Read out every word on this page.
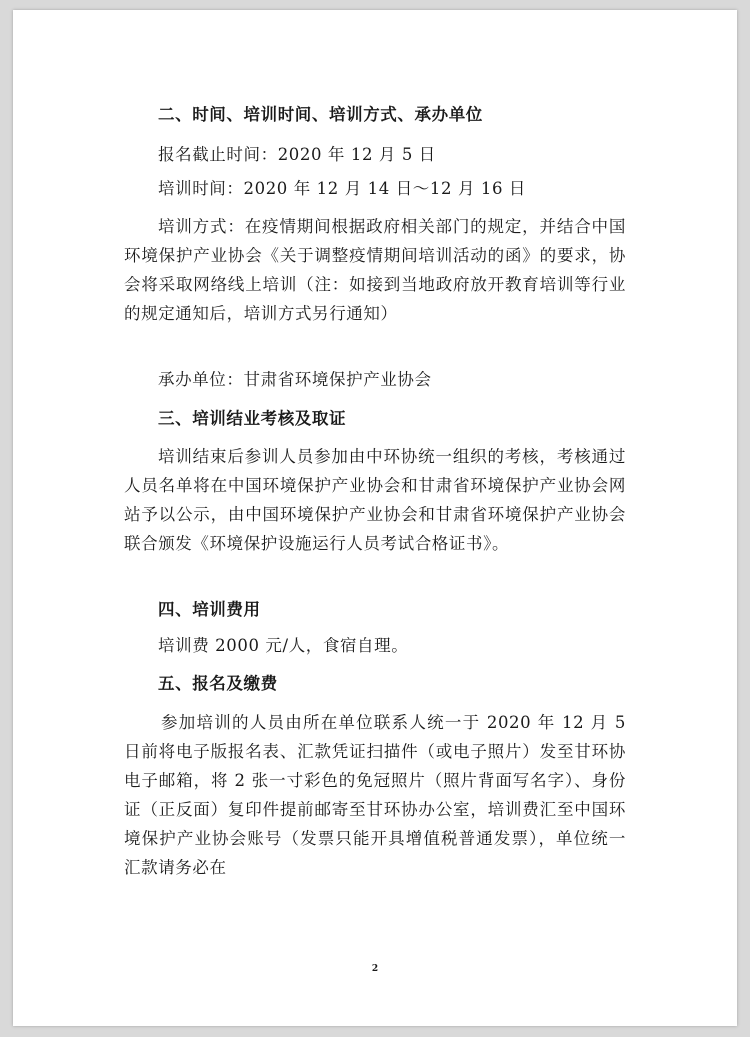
二、时间、培训时间、培训方式、承办单位
报名截止时间：2020 年 12 月 5 日
培训时间：2020 年 12 月 14 日～12 月 16 日
培训方式：在疫情期间根据政府相关部门的规定，并结合中国环境保护产业协会《关于调整疫情期间培训活动的函》的要求，协会将采取网络线上培训（注：如接到当地政府放开教育培训等行业的规定通知后，培训方式另行通知）
承办单位：甘肃省环境保护产业协会
三、培训结业考核及取证
培训结束后参训人员参加由中环协统一组织的考核，考核通过人员名单将在中国环境保护产业协会和甘肃省环境保护产业协会网站予以公示，由中国环境保护产业协会和甘肃省环境保护产业协会联合颁发《环境保护设施运行人员考试合格证书》。
四、培训费用
培训费 2000 元/人，食宿自理。
五、报名及缴费
参加培训的人员由所在单位联系人统一于 2020 年 12 月 5 日前将电子版报名表、汇款凭证扫描件（或电子照片）发至甘环协电子邮箱，将 2 张一寸彩色的免冠照片（照片背面写名字）、身份证（正反面）复印件提前邮寄至甘环协办公室，培训费汇至中国环境保护产业协会账号（发票只能开具增值税普通发票），单位统一汇款请务必在
2
